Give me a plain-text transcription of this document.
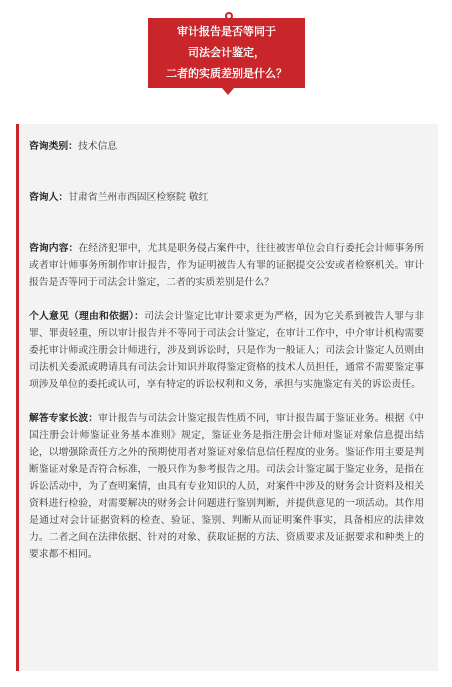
审计报告是否等同于
司法会计鉴定，
二者的实质差别是什么？

咨询类别：技术信息

咨询人：甘肃省兰州市西固区检察院 敬红

咨询内容：在经济犯罪中，尤其是职务侵占案件中，往往被害单位会自行委托会计师事务所或者审计师事务所制作审计报告，作为证明被告人有罪的证据提交公安或者检察机关。审计报告是否等同于司法会计鉴定，二者的实质差别是什么？

个人意见（理由和依据）：司法会计鉴定比审计要求更为严格，因为它关系到被告人罪与非罪、罪责轻重，所以审计报告并不等同于司法会计鉴定，在审计工作中，中介审计机构需要委托审计师或注册会计师进行，涉及到诉讼时，只是作为一般证人；司法会计鉴定人员则由司法机关委派或聘请具有司法会计知识并取得鉴定资格的技术人员担任，通常不需要鉴定事项涉及单位的委托或认可，享有特定的诉讼权利和义务，承担与实施鉴定有关的诉讼责任。

解答专家长波：审计报告与司法会计鉴定报告性质不同，审计报告属于鉴证业务。根据《中国注册会计师鉴证业务基本准则》规定，鉴证业务是指注册会计师对鉴证对象信息提出结论，以增强除责任方之外的预期使用者对鉴证对象信息信任程度的业务。鉴证作用主要是判断鉴证对象是否符合标准，一般只作为参考报告之用。司法会计鉴定属于鉴定业务，是指在诉讼活动中，为了查明案情，由具有专业知识的人员，对案件中涉及的财务会计资料及相关资料进行检验，对需要解决的财务会计问题进行鉴别判断，并提供意见的一项活动。其作用是通过对会计证据资料的检查、验证、鉴别、判断从而证明案件事实，具备相应的法律效力。二者之间在法律依据、针对的对象、获取证据的方法、资质要求及证据要求和种类上的要求都不相同。
